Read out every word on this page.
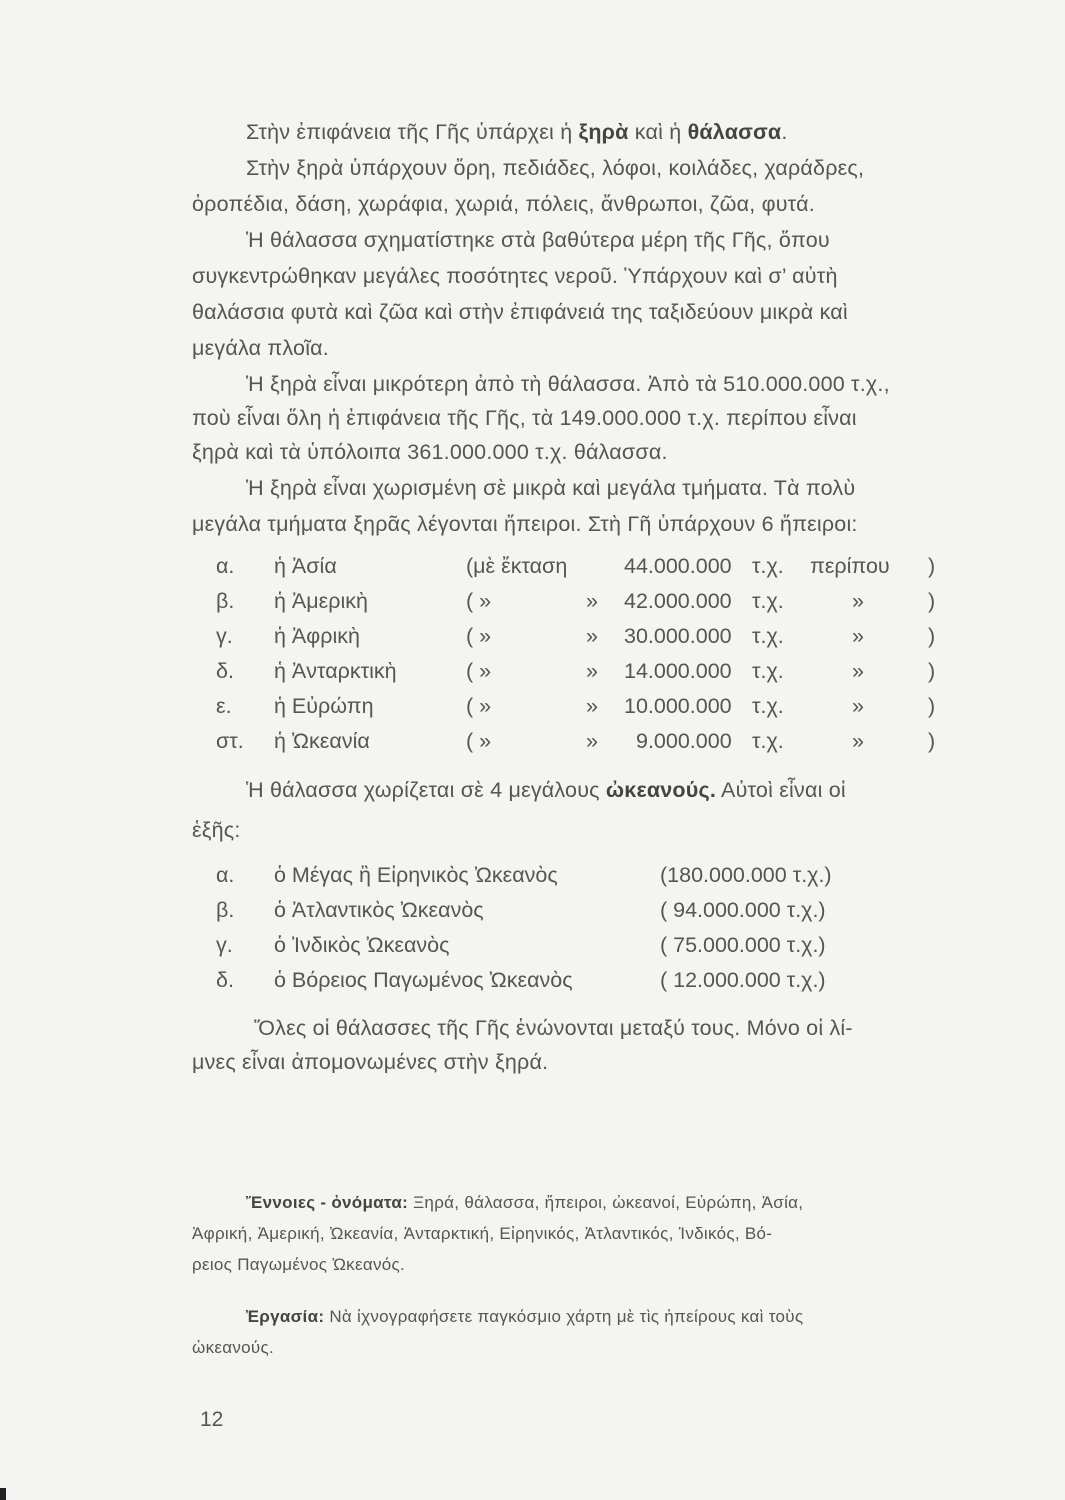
Στὴν ἐπιφάνεια τῆς Γῆς ὑπάρχει ἡ ξηρὰ καὶ ἡ θάλασσα.
Στὴν ξηρὰ ὑπάρχουν ὄρη, πεδιάδες, λόφοι, κοιλάδες, χαράδρες,
ὀροπέδια, δάση, χωράφια, χωριά, πόλεις, ἄνθρωποι, ζῶα, φυτά.
Ἡ θάλασσα σχηματίστηκε στὰ βαθύτερα μέρη τῆς Γῆς, ὅπου
συγκεντρώθηκαν μεγάλες ποσότητες νεροῦ. Ὑπάρχουν καὶ σ’ αὐτὴ
θαλάσσια φυτὰ καὶ ζῶα καὶ στὴν ἐπιφάνειά της ταξιδεύουν μικρὰ καὶ
μεγάλα πλοῖα.
Ἡ ξηρὰ εἶναι μικρότερη ἀπὸ τὴ θάλασσα. Ἀπὸ τὰ 510.000.000 τ.χ.,
ποὺ εἶναι ὅλη ἡ ἐπιφάνεια τῆς Γῆς, τὰ 149.000.000 τ.χ. περίπου εἶναι
ξηρὰ καὶ τὰ ὑπόλοιπα 361.000.000 τ.χ. θάλασσα.
Ἡ ξηρὰ εἶναι χωρισμένη σὲ μικρὰ καὶ μεγάλα τμήματα. Τὰ πολὺ
μεγάλα τμήματα ξηρᾶς λέγονται ἤπειροι. Στὴ Γῆ ὑπάρχουν 6 ἤπειροι:
α. ἡ Ἀσία	(μὲ ἔκταση	44.000.000 τ.χ. περίπου )
β. ἡ Ἀμερικὴ	( »	» 42.000.000 τ.χ.	»	)
γ. ἡ Ἀφρικὴ	( »	» 30.000.000 τ.χ.	»	)
δ. ἡ Ἀνταρκτικὴ	( »	» 14.000.000 τ.χ.	»	)
ε. ἡ Εὐρώπη	( »	» 10.000.000 τ.χ.	»	)
στ. ἡ Ὠκεανία	( »	» 9.000.000 τ.χ.	»	)
Ἡ θάλασσα χωρίζεται σὲ 4 μεγάλους ὠκεανούς. Αὐτοὶ εἶναι οἱ
ἑξῆς:
α. ὁ Μέγας ἢ Εἰρηνικὸς Ὠκεανὸς	(180.000.000 τ.χ.)
β. ὁ Ἀτλαντικὸς Ὠκεανὸς	( 94.000.000 τ.χ.)
γ. ὁ Ἰνδικὸς Ὠκεανὸς	( 75.000.000 τ.χ.)
δ. ὁ Βόρειος Παγωμένος Ὠκεανὸς	( 12.000.000 τ.χ.)
Ὅλες οἱ θάλασσες τῆς Γῆς ἑνώνονται μεταξύ τους. Μόνο οἱ λί-
μνες εἶναι ἀπομονωμένες στὴν ξηρά.
Ἔννοιες - ὀνόματα: Ξηρά, θάλασσα, ἤπειροι, ὠκεανοί, Εὐρώπη, Ἀσία,
Ἀφρική, Ἀμερική, Ὠκεανία, Ἀνταρκτική, Εἰρηνικός, Ἀτλαντικός, Ἰνδικός, Βό-
ρειος Παγωμένος Ὠκεανός.
Ἐργασία: Νὰ ἰχνογραφήσετε παγκόσμιο χάρτη μὲ τὶς ἠπείρους καὶ τοὺς
ὠκεανούς.
12
